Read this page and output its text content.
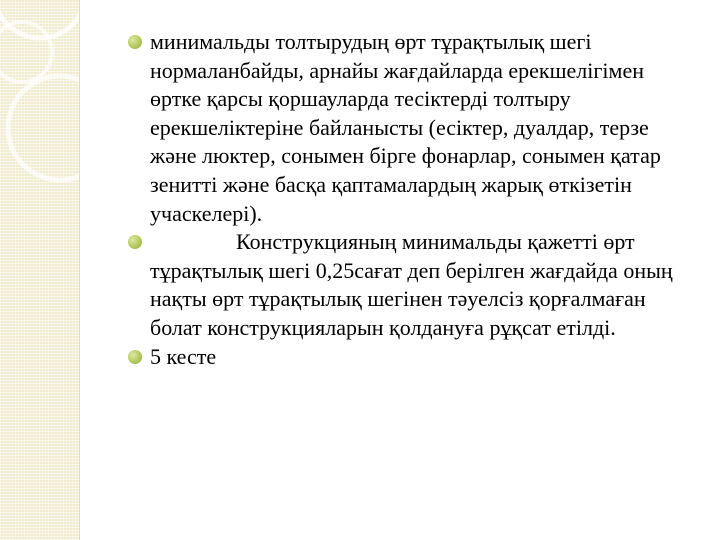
минимальды толтырудың өрт тұрақтылық шегі нормаланбайды, арнайы жағдайларда ерекшелігімен өртке қарсы қоршауларда тесіктерді толтыру ерекшеліктеріне байланысты (есіктер, дуалдар, терзе және люктер, сонымен бірге фонарлар, сонымен қатар зенитті және басқа қаптамалардың жарық өткізетін учаскелері).
Конструкцияның минимальды қажетті өрт тұрақтылық шегі 0,25сағат деп берілген жағдайда оның нақты өрт тұрақтылық шегінен тәуелсіз қорғалмаған болат конструкцияларын қолдануға рұқсат етілді.
5 кесте
